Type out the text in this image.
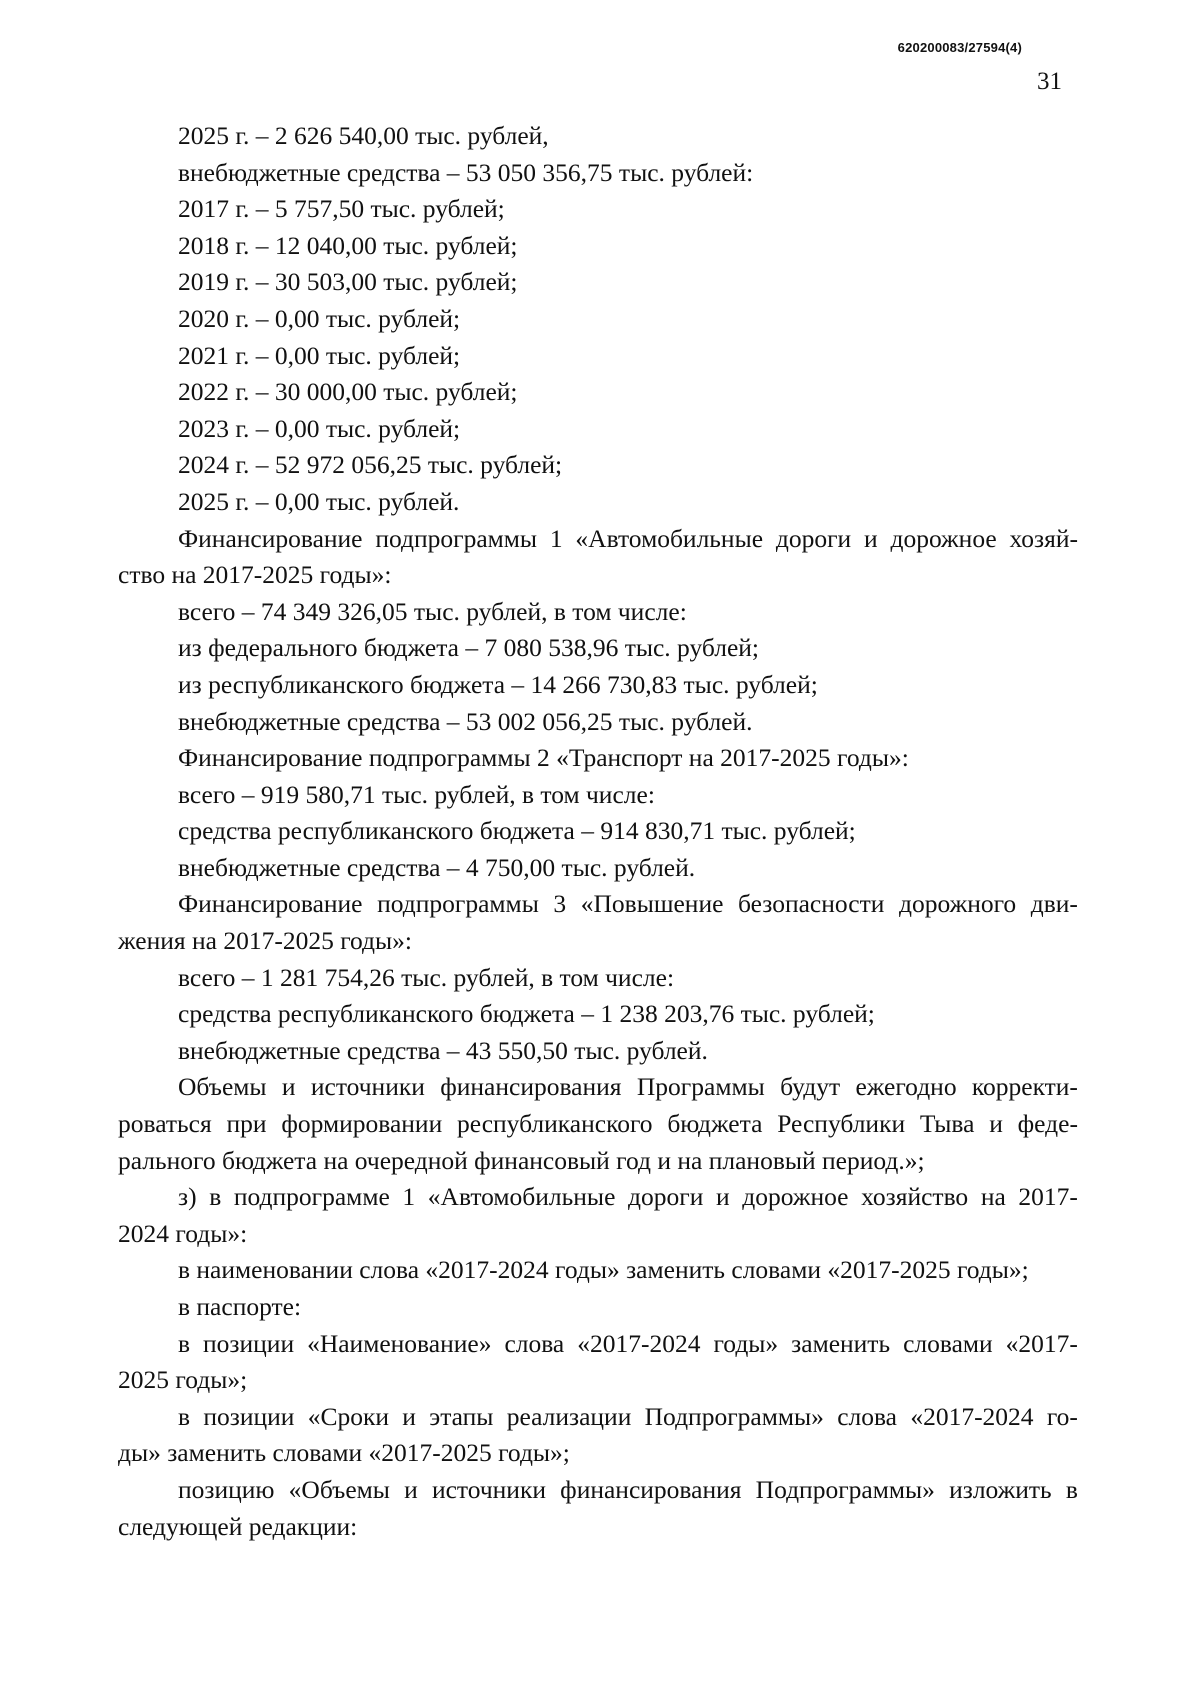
620200083/27594(4)
31
2025 г. – 2 626 540,00 тыс. рублей,
внебюджетные средства – 53 050 356,75 тыс. рублей:
2017 г. – 5 757,50 тыс. рублей;
2018 г. – 12 040,00 тыс. рублей;
2019 г. – 30 503,00 тыс. рублей;
2020 г. – 0,00 тыс. рублей;
2021 г. – 0,00 тыс. рублей;
2022 г. – 30 000,00 тыс. рублей;
2023 г. – 0,00 тыс. рублей;
2024 г. – 52 972 056,25 тыс. рублей;
2025 г. – 0,00 тыс. рублей.
Финансирование подпрограммы 1 «Автомобильные дороги и дорожное хозяй-
ство на 2017-2025 годы»:
всего – 74 349 326,05 тыс. рублей, в том числе:
из федерального бюджета – 7 080 538,96 тыс. рублей;
из республиканского бюджета – 14 266 730,83 тыс. рублей;
внебюджетные средства – 53 002 056,25 тыс. рублей.
Финансирование подпрограммы 2 «Транспорт на 2017-2025 годы»:
всего – 919 580,71 тыс. рублей, в том числе:
средства республиканского бюджета – 914 830,71 тыс. рублей;
внебюджетные средства – 4 750,00 тыс. рублей.
Финансирование подпрограммы 3 «Повышение безопасности дорожного дви-
жения на 2017-2025 годы»:
всего – 1 281 754,26 тыс. рублей, в том числе:
средства республиканского бюджета – 1 238 203,76 тыс. рублей;
внебюджетные средства – 43 550,50 тыс. рублей.
Объемы и источники финансирования Программы будут ежегодно корректи-
роваться при формировании республиканского бюджета Республики Тыва и феде-
рального бюджета на очередной финансовый год и на плановый период.»;
з) в подпрограмме 1 «Автомобильные дороги и дорожное хозяйство на 2017-
2024 годы»:
в наименовании слова «2017-2024 годы» заменить словами «2017-2025 годы»;
в паспорте:
в позиции «Наименование» слова «2017-2024 годы» заменить словами «2017-
2025 годы»;
в позиции «Сроки и этапы реализации Подпрограммы» слова «2017-2024 го-
ды» заменить словами «2017-2025 годы»;
позицию «Объемы и источники финансирования Подпрограммы» изложить в
следующей редакции:
